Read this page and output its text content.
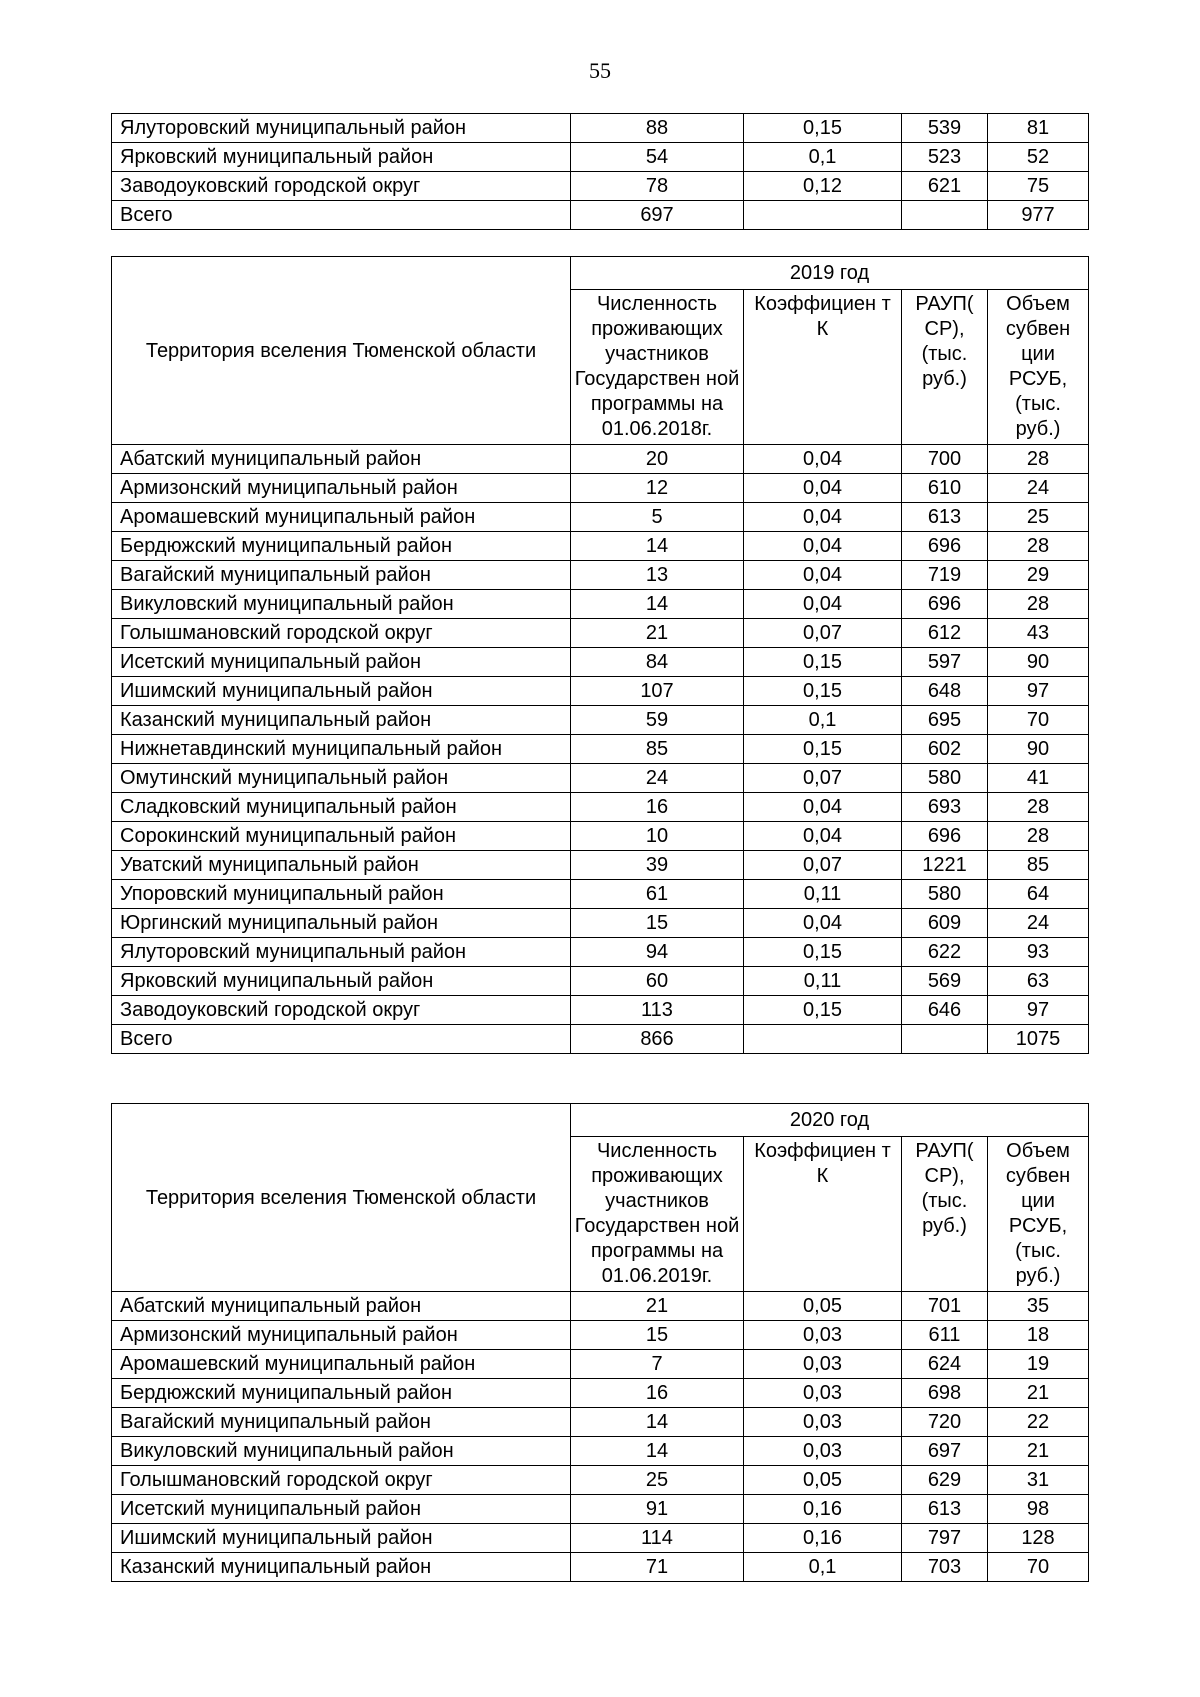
55
Ялуторовский муниципальный район	88	0,15	539	81
Ярковский муниципальный район	54	0,1	523	52
Заводоуковский городской округ	78	0,12	621	75
Всего	697			977
Территория вселения Тюменской области	2019 год			
	Численность проживающих участников Государствен ной программы на 01.06.2018г.	Коэффициен т К	РАУП( СР), (тыс. руб.)	Объем субвен ции РСУБ, (тыс. руб.)
Абатский муниципальный район	20	0,04	700	28
Армизонский муниципальный район	12	0,04	610	24
Аромашевский муниципальный район	5	0,04	613	25
Бердюжский муниципальный район	14	0,04	696	28
Вагайский муниципальный район	13	0,04	719	29
Викуловский муниципальный район	14	0,04	696	28
Голышмановский городской округ	21	0,07	612	43
Исетский муниципальный район	84	0,15	597	90
Ишимский муниципальный район	107	0,15	648	97
Казанский муниципальный район	59	0,1	695	70
Нижнетавдинский муниципальный район	85	0,15	602	90
Омутинский муниципальный район	24	0,07	580	41
Сладковский муниципальный район	16	0,04	693	28
Сорокинский муниципальный район	10	0,04	696	28
Уватский муниципальный район	39	0,07	1221	85
Упоровский муниципальный район	61	0,11	580	64
Юргинский муниципальный район	15	0,04	609	24
Ялуторовский муниципальный район	94	0,15	622	93
Ярковский муниципальный район	60	0,11	569	63
Заводоуковский городской округ	113	0,15	646	97
Всего	866			1075
Территория вселения Тюменской области	2020 год			
	Численность проживающих участников Государствен ной программы на 01.06.2019г.	Коэффициен т К	РАУП( СР), (тыс. руб.)	Объем субвен ции РСУБ, (тыс. руб.)
Абатский муниципальный район	21	0,05	701	35
Армизонский муниципальный район	15	0,03	611	18
Аромашевский муниципальный район	7	0,03	624	19
Бердюжский муниципальный район	16	0,03	698	21
Вагайский муниципальный район	14	0,03	720	22
Викуловский муниципальный район	14	0,03	697	21
Голышмановский городской округ	25	0,05	629	31
Исетский муниципальный район	91	0,16	613	98
Ишимский муниципальный район	114	0,16	797	128
Казанский муниципальный район	71	0,1	703	70
